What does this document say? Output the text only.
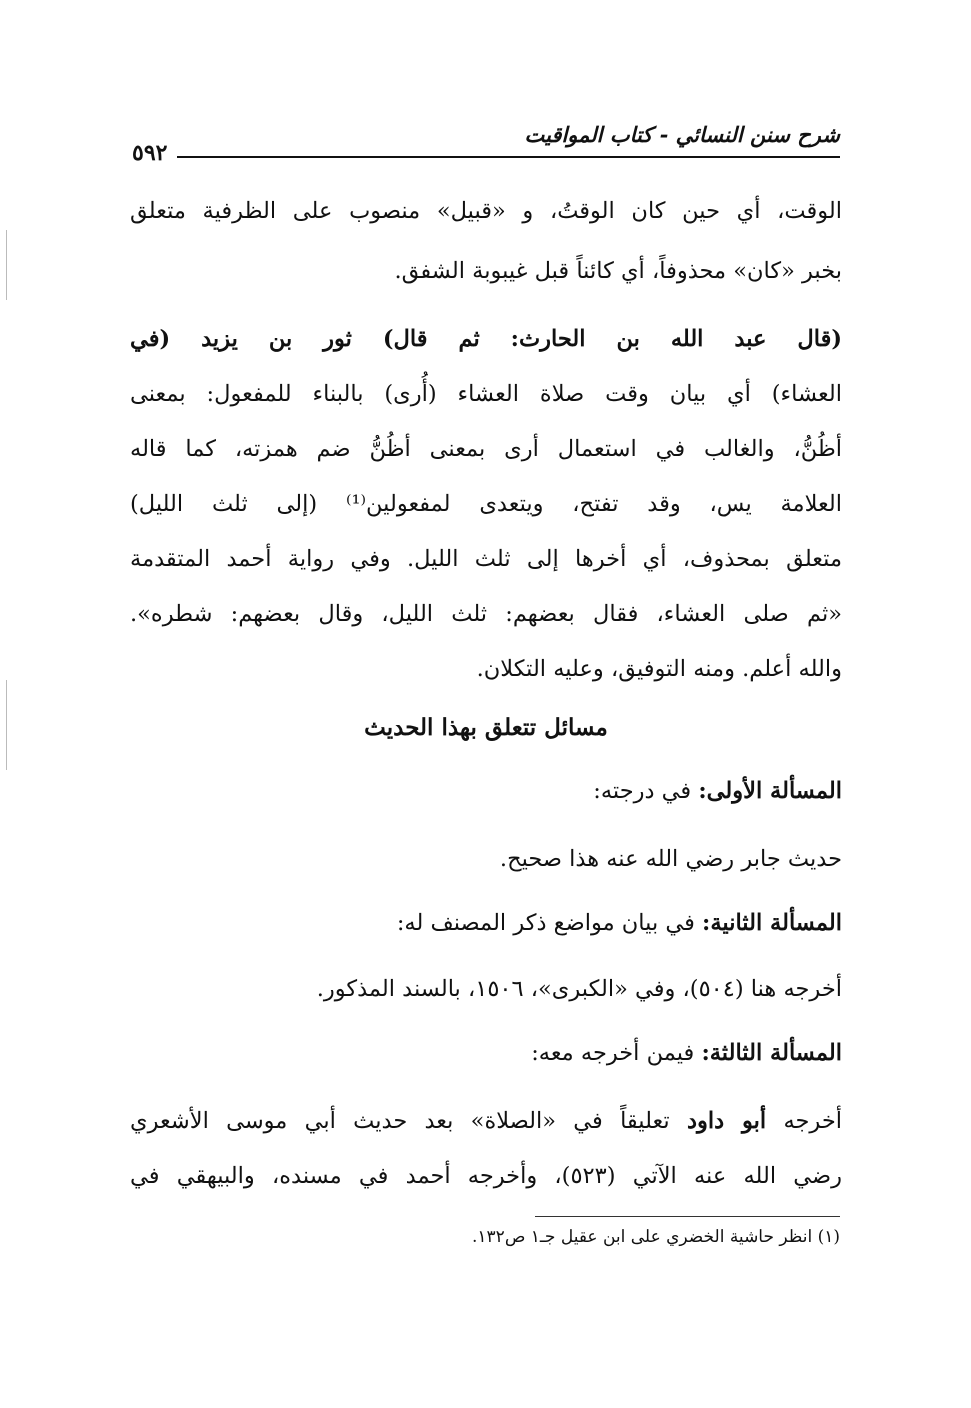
شرح سنن النسائي - كتاب المواقيت
٥٩٢
الوقت، أي حين كان الوقتُ، و «قبيل» منصوب على الظرفية متعلق
بخبر «كان» محذوفاً، أي كائناً قبل غيبوبة الشفق.
(قال عبد الله بن الحارث: ثم قال) ثور بن يزيد (في
العشاء) أي بيان وقت صلاة العشاء (أُرى) بالبناء للمفعول: بمعنى
أظُنُّ، والغالب في استعمال أرى بمعنى أظُنُّ ضم همزته، كما قاله
العلامة يس، وقد تفتح، ويتعدى لمفعولين⁽¹⁾ (إلى ثلث الليل)
متعلق بمحذوف، أي أخرها إلى ثلث الليل. وفي رواية أحمد المتقدمة
«ثم صلى العشاء، فقال بعضهم: ثلث الليل، وقال بعضهم: شطره».
والله أعلم. ومنه التوفيق، وعليه التكلان.
مسائل تتعلق بهذا الحديث
المسألة الأولى: في درجته:
حديث جابر رضي الله عنه هذا صحيح.
المسألة الثانية: في بيان مواضع ذكر المصنف له:
أخرجه هنا (٥٠٤)، وفي «الكبرى»، ١٥٠٦، بالسند المذكور.
المسألة الثالثة: فيمن أخرجه معه:
أخرجه أبو داود تعليقاً في «الصلاة» بعد حديث أبي موسى الأشعري
رضي الله عنه الآتي (٥٢٣)، وأخرجه أحمد في مسنده، والبيهقي في
(١) انظر حاشية الخضري على ابن عقيل جـ١ ص١٣٢.
